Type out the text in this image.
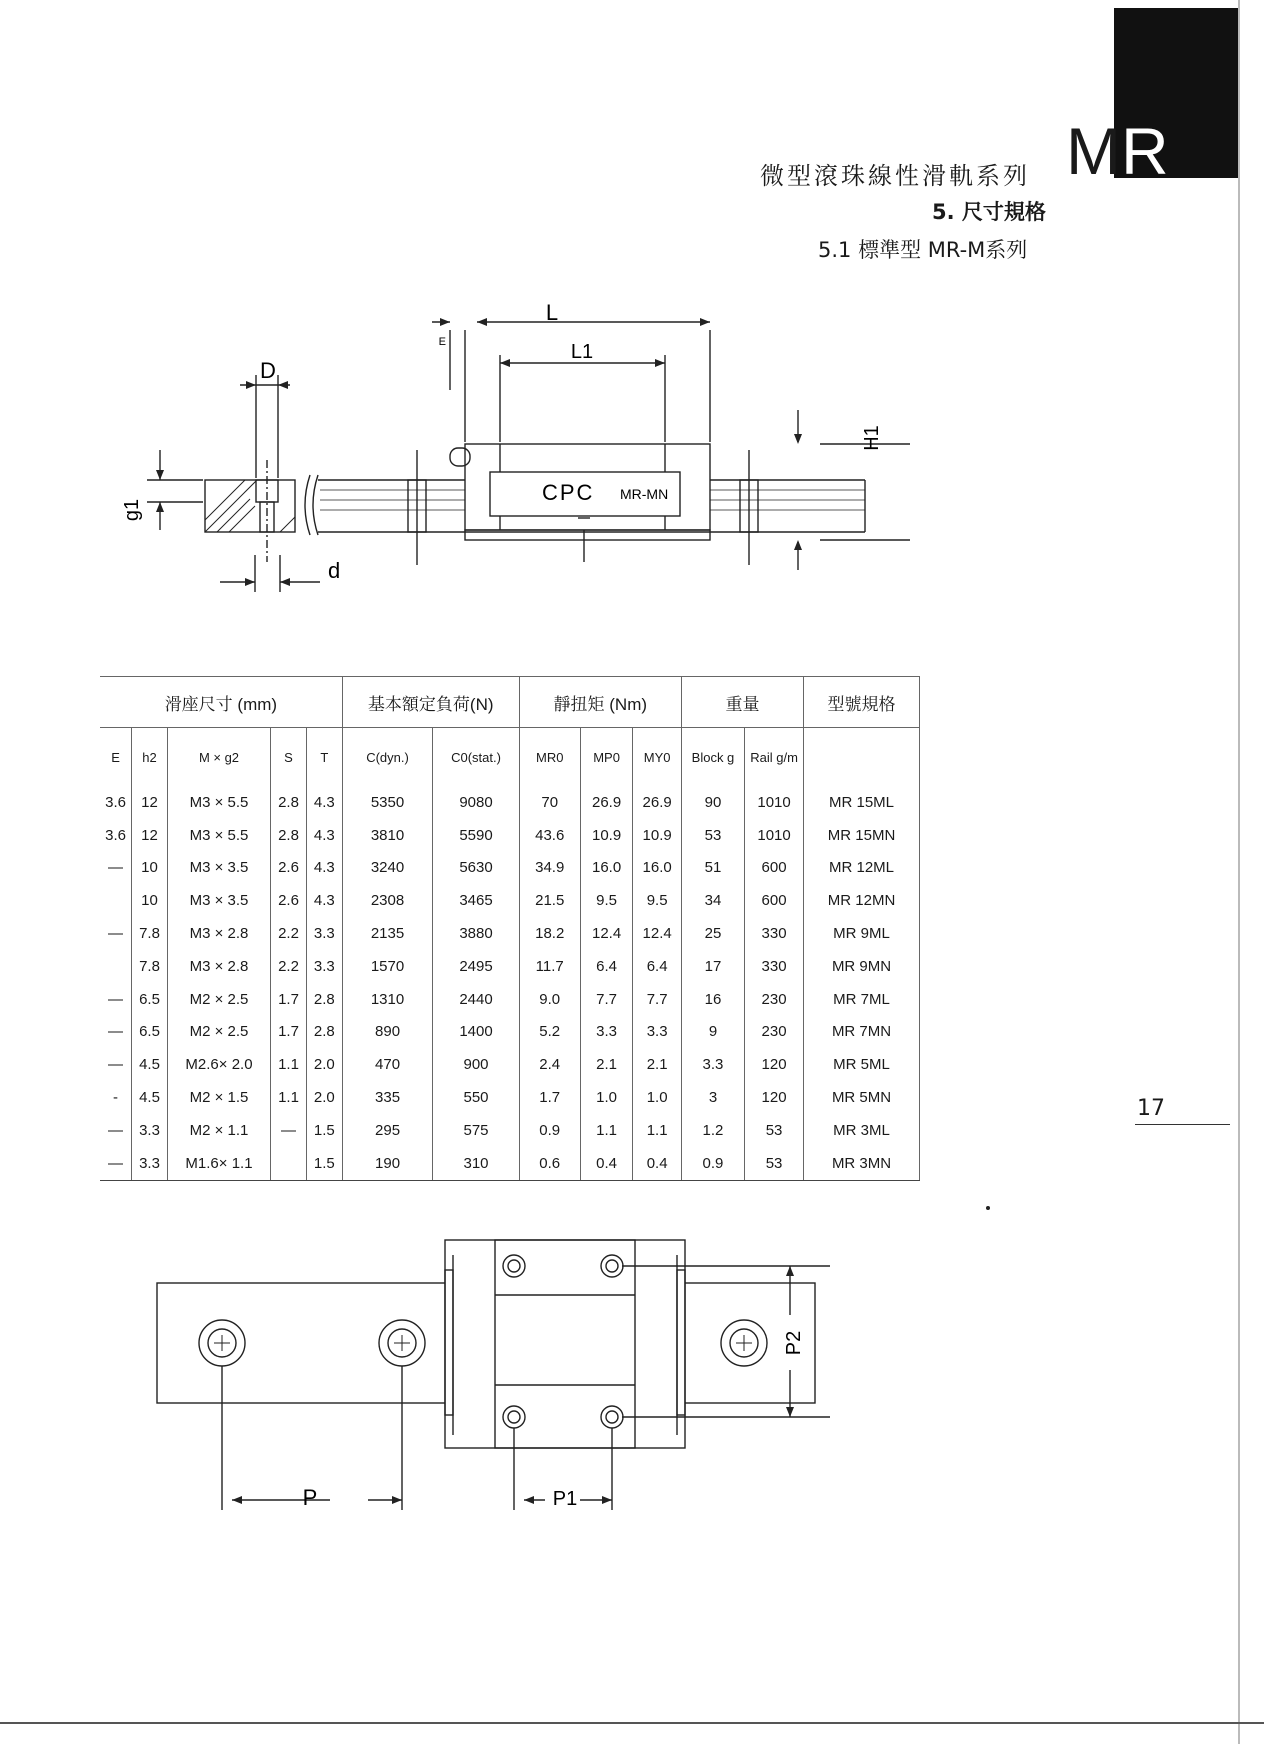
微型滾珠線性滑軌系列 MR
5. 尺寸規格
5.1 標準型 MR-M系列
L
L1
E
D
H1
g1
d
CPC MR-MN
滑座尺寸 (mm)					基本額定負荷(N)		靜扭矩 (Nm)			重量		型號規格
E	h2	M × g2	S	T	C(dyn.)	C0(stat.)	MR0	MP0	MY0	Block g	Rail g/m	
3.6	12	M3 × 5.5	2.8	4.3	5350	9080	70	26.9	26.9	90	1010	MR 15ML
3.6	12	M3 × 5.5	2.8	4.3	3810	5590	43.6	10.9	10.9	53	1010	MR 15MN
—	10	M3 × 3.5	2.6	4.3	3240	5630	34.9	16.0	16.0	51	600	MR 12ML
	10	M3 × 3.5	2.6	4.3	2308	3465	21.5	9.5	9.5	34	600	MR 12MN
—	7.8	M3 × 2.8	2.2	3.3	2135	3880	18.2	12.4	12.4	25	330	MR 9ML
	7.8	M3 × 2.8	2.2	3.3	1570	2495	11.7	6.4	6.4	17	330	MR 9MN
—	6.5	M2 × 2.5	1.7	2.8	1310	2440	9.0	7.7	7.7	16	230	MR 7ML
—	6.5	M2 × 2.5	1.7	2.8	890	1400	5.2	3.3	3.3	9	230	MR 7MN
—	4.5	M2.6× 2.0	1.1	2.0	470	900	2.4	2.1	2.1	3.3	120	MR 5ML
-	4.5	M2 × 1.5	1.1	2.0	335	550	1.7	1.0	1.0	3	120	MR 5MN
—	3.3	M2 × 1.1	—	1.5	295	575	0.9	1.1	1.1	1.2	53	MR 3ML
—	3.3	M1.6× 1.1		1.5	190	310	0.6	0.4	0.4	0.9	53	MR 3MN
P	P1
P2
17
